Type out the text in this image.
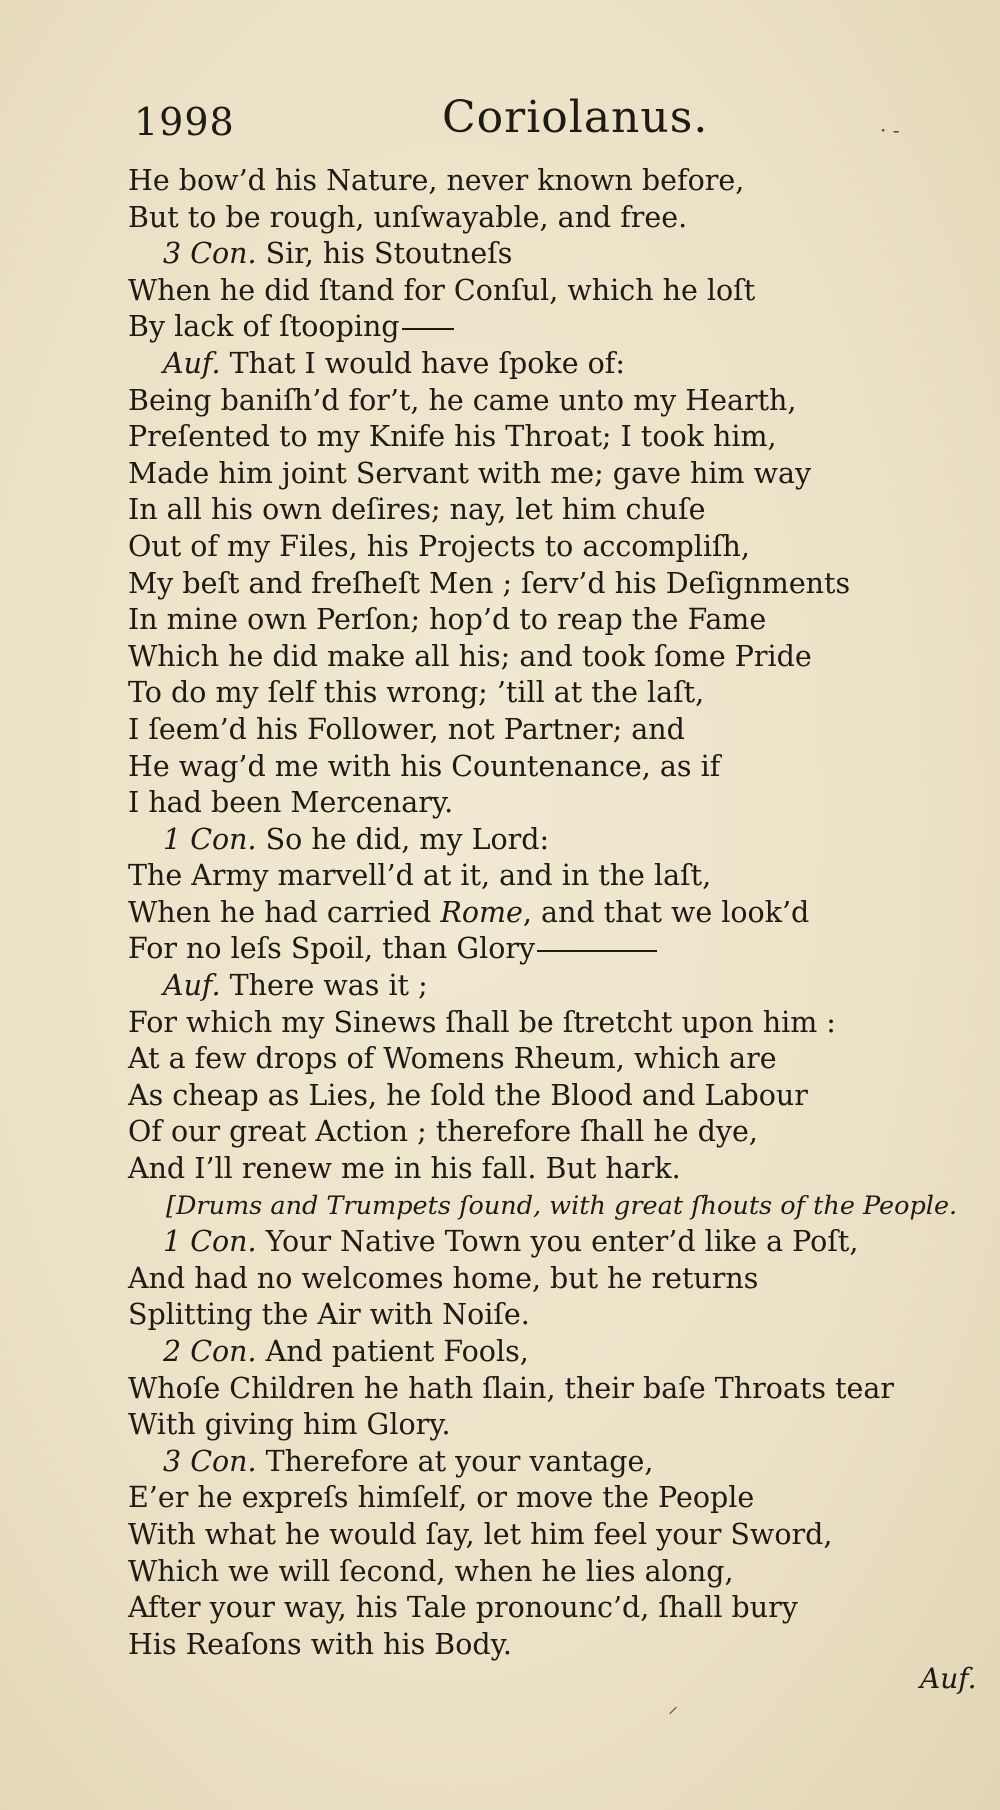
1998	Coriolanus.
He bow’d his Nature, never known before,
But to be rough, unſwayable, and free.
3 Con. Sir, his Stoutneſs
When he did ſtand for Conſul, which he loſt
By lack of ſtooping
Auf. That I would have ſpoke of:
Being baniſh’d for’t, he came unto my Hearth,
Preſented to my Knife his Throat; I took him,
Made him joint Servant with me; gave him way
In all his own deſires; nay, let him chuſe
Out of my Files, his Projects to accompliſh,
My beſt and freſheſt Men ; ſerv’d his Deſignments
In mine own Perſon; hop’d to reap the Fame
Which he did make all his; and took ſome Pride
To do my ſelf this wrong; ’till at the laſt,
I ſeem’d his Follower, not Partner; and
He wag’d me with his Countenance, as if
I had been Mercenary.
1 Con. So he did, my Lord:
The Army marvell’d at it, and in the laſt,
When he had carried Rome, and that we look’d
For no leſs Spoil, than Glory
Auf. There was it ;
For which my Sinews ſhall be ſtretcht upon him :
At a few drops of Womens Rheum, which are
As cheap as Lies, he ſold the Blood and Labour
Of our great Action ; therefore ſhall he dye,
And I’ll renew me in his fall. But hark.
[Drums and Trumpets ſound, with great ſhouts of the People.
1 Con. Your Native Town you enter’d like a Poſt,
And had no welcomes home, but he returns
Splitting the Air with Noiſe.
2 Con. And patient Fools,
Whoſe Children he hath ſlain, their baſe Throats tear
With giving him Glory.
3 Con. Therefore at your vantage,
E’er he expreſs himſelf, or move the People
With what he would ſay, let him feel your Sword,
Which we will ſecond, when he lies along,
After your way, his Tale pronounc’d, ſhall bury
His Reaſons with his Body.
Auf.
· ‐
⸍
